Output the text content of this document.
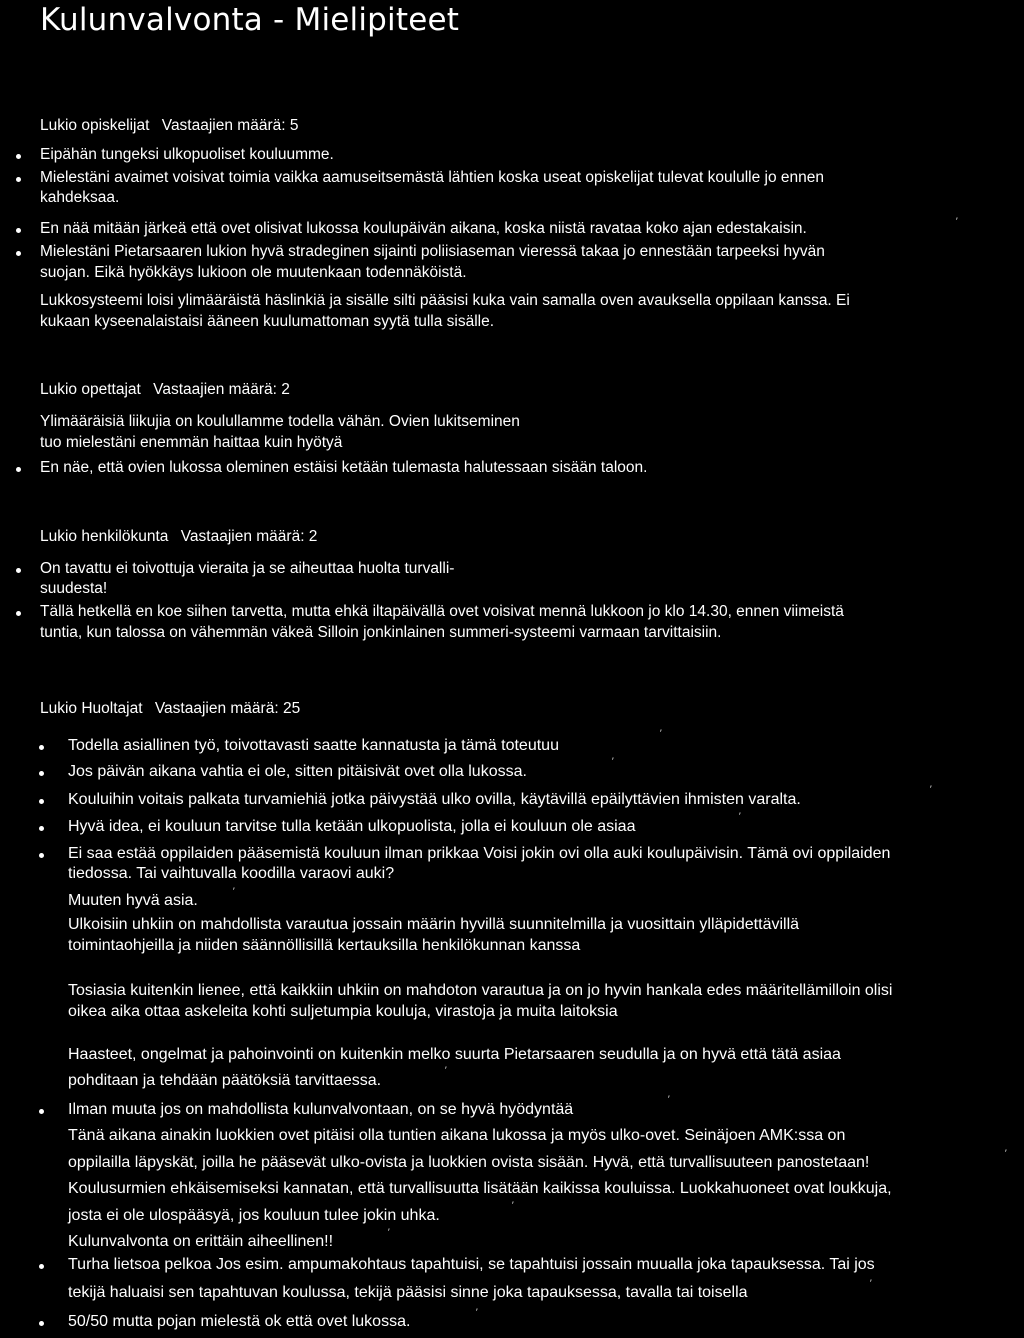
Kulunvalvonta - Mielipiteet
Lukio opiskelijat Vastaajien määrä: 5
Eipähän tungeksi ulkopuoliset kouluumme.
Mielestäni avaimet voisivat toimia vaikka aamuseitsemästä lähtien koska useat opiskelijat tulevat koululle jo ennen
kahdeksaa.
En nää mitään järkeä että ovet olisivat lukossa koulupäivän aikana, koska niistä ravataa koko ajan edestakaisin.	′
Mielestäni Pietarsaaren lukion hyvä stradeginen sijainti poliisiaseman vieressä takaa jo ennestään tarpeeksi hyvän
suojan. Eikä hyökkäys lukioon ole muutenkaan todennäköistä.
Lukkosysteemi loisi ylimääräistä häslinkiä ja sisälle silti pääsisi kuka vain samalla oven avauksella oppilaan kanssa. Ei
kukaan kyseenalaistaisi ääneen kuulumattoman syytä tulla sisälle.
Lukio opettajat Vastaajien määrä: 2
Ylimääräisiä liikujia on koulullamme todella vähän. Ovien lukitseminen
tuo mielestäni enemmän haittaa kuin hyötyä
En näe, että ovien lukossa oleminen estäisi ketään tulemasta halutessaan sisään taloon.
Lukio henkilökunta Vastaajien määrä: 2
On tavattu ei toivottuja vieraita ja se aiheuttaa huolta turvalli-
suudesta!
Tällä hetkellä en koe siihen tarvetta, mutta ehkä iltapäivällä ovet voisivat mennä lukkoon jo klo 14.30, ennen viimeistä
tuntia, kun talossa on vähemmän väkeä Silloin jonkinlainen summeri-systeemi varmaan tarvittaisiin.
Lukio Huoltajat Vastaajien määrä: 25
Todella asiallinen työ, toivottavasti saatte kannatusta ja tämä toteutuu
′
Jos päivän aikana vahtia ei ole, sitten pitäisivät ovet olla lukossa.
′
Kouluihin voitais palkata turvamiehiä jotka päivystää ulko ovilla, käytävillä epäilyttävien ihmisten varalta.
′
Hyvä idea, ei kouluun tarvitse tulla ketään ulkopuolista, jolla ei kouluun ole asiaa
′
Ei saa estää oppilaiden pääsemistä kouluun ilman prikkaa Voisi jokin ovi olla auki koulupäivisin. Tämä ovi oppilaiden
tiedossa. Tai vaihtuvalla koodilla varaovi auki?
Muuten hyvä asia.
′
Ulkoisiin uhkiin on mahdollista varautua jossain määrin hyvillä suunnitelmilla ja vuosittain ylläpidettävillä
toimintaohjeilla ja niiden säännöllisillä kertauksilla henkilökunnan kanssa
Tosiasia kuitenkin lienee, että kaikkiin uhkiin on mahdoton varautua ja on jo hyvin hankala edes määritellämilloin olisi
oikea aika ottaa askeleita kohti suljetumpia kouluja, virastoja ja muita laitoksia
Haasteet, ongelmat ja pahoinvointi on kuitenkin melko suurta Pietarsaaren seudulla ja on hyvä että tätä asiaa
pohditaan ja tehdään päätöksiä tarvittaessa.
′
Ilman muuta jos on mahdollista kulunvalvontaan, on se hyvä hyödyntää
′
Tänä aikana ainakin luokkien ovet pitäisi olla tuntien aikana lukossa ja myös ulko-ovet. Seinäjoen AMK:ssa on
oppilailla läpyskät, joilla he pääsevät ulko-ovista ja luokkien ovista sisään. Hyvä, että turvallisuuteen panostetaan!
′
Koulusurmien ehkäisemiseksi kannatan, että turvallisuutta lisätään kaikissa kouluissa. Luokkahuoneet ovat loukkuja,
josta ei ole ulospääsyä, jos kouluun tulee jokin uhka.
′
Kulunvalvonta on erittäin aiheellinen!!
′
Turha lietsoa pelkoa Jos esim. ampumakohtaus tapahtuisi, se tapahtuisi jossain muualla joka tapauksessa. Tai jos
tekijä haluaisi sen tapahtuvan koulussa, tekijä pääsisi sinne joka tapauksessa, tavalla tai toisella
′
50/50 mutta pojan mielestä ok että ovet lukossa.
′
